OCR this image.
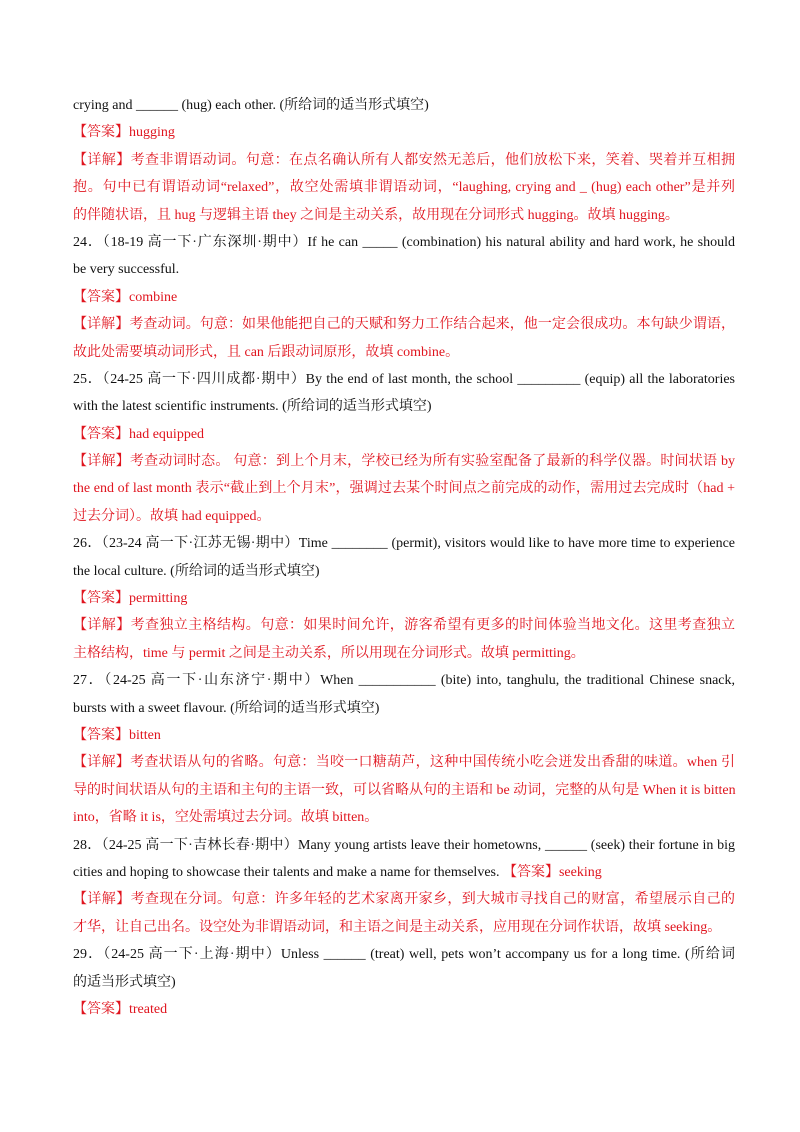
crying and ______ (hug) each other. (所给词的适当形式填空)
【答案】hugging
【详解】考查非谓语动词。句意：在点名确认所有人都安然无恙后，他们放松下来，笑着、哭着并互相拥
抱。句中已有谓语动词“relaxed”，故空处需填非谓语动词，“laughing, crying and _ (hug) each other”是并列
的伴随状语，且 hug 与逻辑主语 they 之间是主动关系，故用现在分词形式 hugging。故填 hugging。
24．（18-19 高一下·广东深圳·期中）If he can _____ (combination) his natural ability and hard work, he should
be very successful.
【答案】combine
【详解】考查动词。句意：如果他能把自己的天赋和努力工作结合起来，他一定会很成功。本句缺少谓语，
故此处需要填动词形式，且 can 后跟动词原形，故填 combine。
25．（24-25 高一下·四川成都·期中）By the end of last month, the school _________ (equip) all the laboratories
with the latest scientific instruments. (所给词的适当形式填空)
【答案】had equipped
【详解】考查动词时态。 句意：到上个月末，学校已经为所有实验室配备了最新的科学仪器。时间状语 by
the end of last month 表示“截止到上个月末”，强调过去某个时间点之前完成的动作，需用过去完成时（had +
过去分词）。故填 had equipped。
26．（23-24 高一下·江苏无锡·期中）Time ________ (permit), visitors would like to have more time to experience
the local culture. (所给词的适当形式填空)
【答案】permitting
【详解】考查独立主格结构。句意：如果时间允许，游客希望有更多的时间体验当地文化。这里考查独立
主格结构，time 与 permit 之间是主动关系，所以用现在分词形式。故填 permitting。
27．（24-25 高一下·山东济宁·期中）When ___________ (bite) into, tanghulu, the traditional Chinese snack,
bursts with a sweet flavour. (所给词的适当形式填空)
【答案】bitten
【详解】考查状语从句的省略。句意：当咬一口糖葫芦，这种中国传统小吃会迸发出香甜的味道。when 引
导的时间状语从句的主语和主句的主语一致，可以省略从句的主语和 be 动词，完整的从句是 When it is bitten
into，省略 it is，空处需填过去分词。故填 bitten。
28．（24-25 高一下·吉林长春·期中）Many young artists leave their hometowns, ______ (seek) their fortune in big
cities and hoping to showcase their talents and make a name for themselves. 【答案】seeking
【详解】考查现在分词。句意：许多年轻的艺术家离开家乡，到大城市寻找自己的财富，希望展示自己的
才华，让自己出名。设空处为非谓语动词，和主语之间是主动关系，应用现在分词作状语，故填 seeking。
29．（24-25 高一下·上海·期中）Unless ______ (treat) well, pets won’t accompany us for a long time. (所给词
的适当形式填空)
【答案】treated
